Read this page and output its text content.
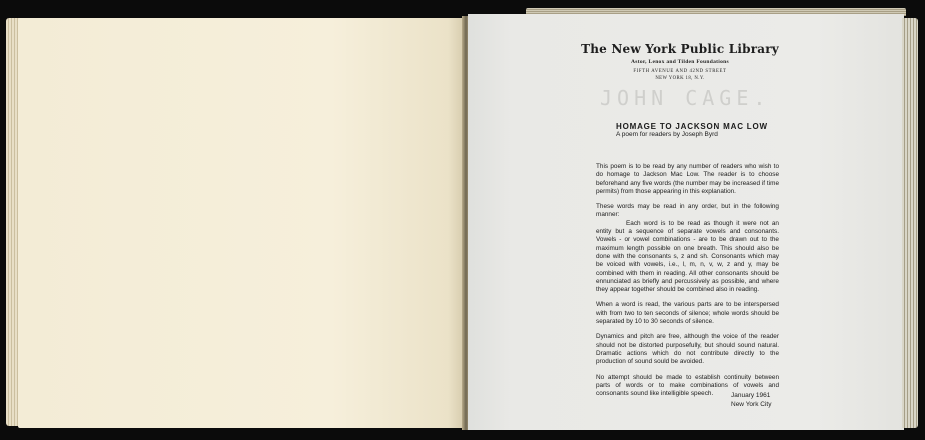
The New York Public Library
Astor, Lenox and Tilden Foundations
FIFTH AVENUE AND 42ND STREET
NEW YORK 18, N.Y.
JOHN CAGE.
HOMAGE TO JACKSON MAC LOW
A poem for readers by Joseph Byrd

This poem is to be read by any number of readers who wish to do homage to Jackson Mac Low. The reader is to choose beforehand any five words (the number may be increased if time permits) from those appearing in this explanation.

These words may be read in any order, but in the following manner:

Each word is to be read as though it were not an entity but a sequence of separate vowels and consonants. Vowels - or vowel combinations - are to be drawn out to the maximum length possible on one breath. This should also be done with the consonants s, z and sh. Consonants which may be voiced with vowels, i.e., l, m, n, v, w, z and y, may be combined with them in reading. All other consonants should be ennunciated as briefly and percussively as possible, and where they appear together should be combined also in reading.

When a word is read, the various parts are to be interspersed with from two to ten seconds of silence; whole words should be separated by 10 to 30 seconds of silence.

Dynamics and pitch are free, although the voice of the reader should not be distorted purposefully, but should sound natural. Dramatic actions which do not contribute directly to the production of sound sould be avoided.

No attempt should be made to establish continuity between parts of words or to make combinations of vowels and consonants sound like intelligible speech.	January 1961
New York City
